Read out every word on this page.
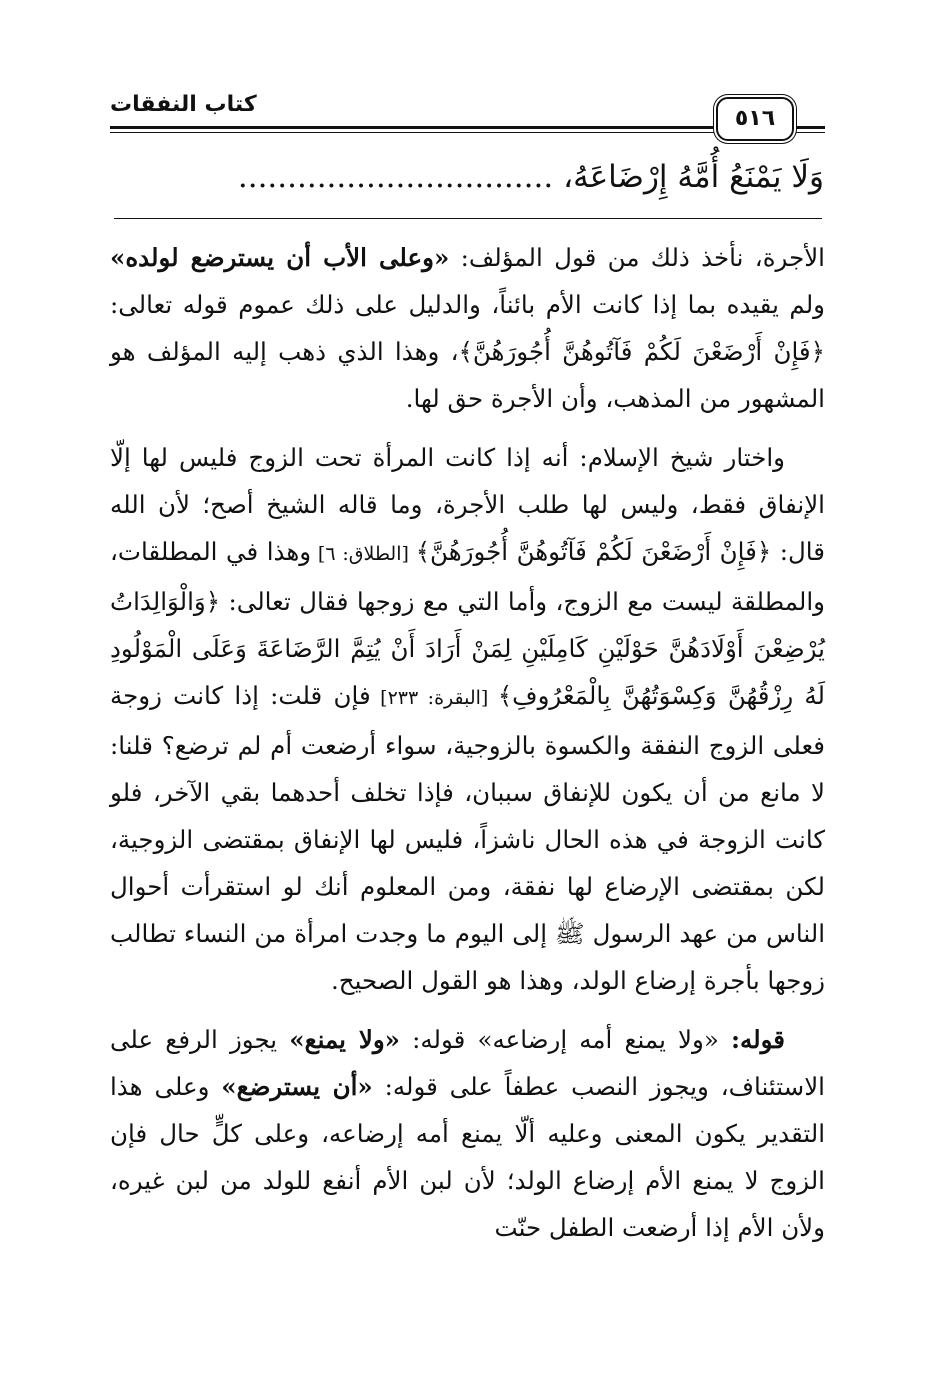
كتاب النفقات
٥١٦
وَلَا يَمْنَعُ أُمَّهُ إِرْضَاعَهُ، ................................

الأجرة، نأخذ ذلك من قول المؤلف: «وعلى الأب أن يسترضع لولده» ولم يقيده بما إذا كانت الأم بائناً، والدليل على ذلك عموم قوله تعالى: ﴿فَإِنْ أَرْضَعْنَ لَكُمْ فَآتُوهُنَّ أُجُورَهُنَّ﴾، وهذا الذي ذهب إليه المؤلف هو المشهور من المذهب، وأن الأجرة حق لها.

واختار شيخ الإسلام: أنه إذا كانت المرأة تحت الزوج فليس لها إلّا الإنفاق فقط، وليس لها طلب الأجرة، وما قاله الشيخ أصح؛ لأن الله قال: ﴿فَإِنْ أَرْضَعْنَ لَكُمْ فَآتُوهُنَّ أُجُورَهُنَّ﴾ [الطلاق: ٦] وهذا في المطلقات، والمطلقة ليست مع الزوج، وأما التي مع زوجها فقال تعالى: ﴿وَالْوَالِدَاتُ يُرْضِعْنَ أَوْلَادَهُنَّ حَوْلَيْنِ كَامِلَيْنِ لِمَنْ أَرَادَ أَنْ يُتِمَّ الرَّضَاعَةَ وَعَلَى الْمَوْلُودِ لَهُ رِزْقُهُنَّ وَكِسْوَتُهُنَّ بِالْمَعْرُوفِ﴾ [البقرة: ٢٣٣] فإن قلت: إذا كانت زوجة فعلى الزوج النفقة والكسوة بالزوجية، سواء أرضعت أم لم ترضع؟ قلنا: لا مانع من أن يكون للإنفاق سببان، فإذا تخلف أحدهما بقي الآخر، فلو كانت الزوجة في هذه الحال ناشزاً، فليس لها الإنفاق بمقتضى الزوجية، لكن بمقتضى الإرضاع لها نفقة، ومن المعلوم أنك لو استقرأت أحوال الناس من عهد الرسول ﷺ إلى اليوم ما وجدت امرأة من النساء تطالب زوجها بأجرة إرضاع الولد، وهذا هو القول الصحيح.

قوله: «ولا يمنع أمه إرضاعه» قوله: «ولا يمنع» يجوز الرفع على الاستئناف، ويجوز النصب عطفاً على قوله: «أن يسترضع» وعلى هذا التقدير يكون المعنى وعليه ألّا يمنع أمه إرضاعه، وعلى كلٍّ حال فإن الزوج لا يمنع الأم إرضاع الولد؛ لأن لبن الأم أنفع للولد من لبن غيره، ولأن الأم إذا أرضعت الطفل حنّت
